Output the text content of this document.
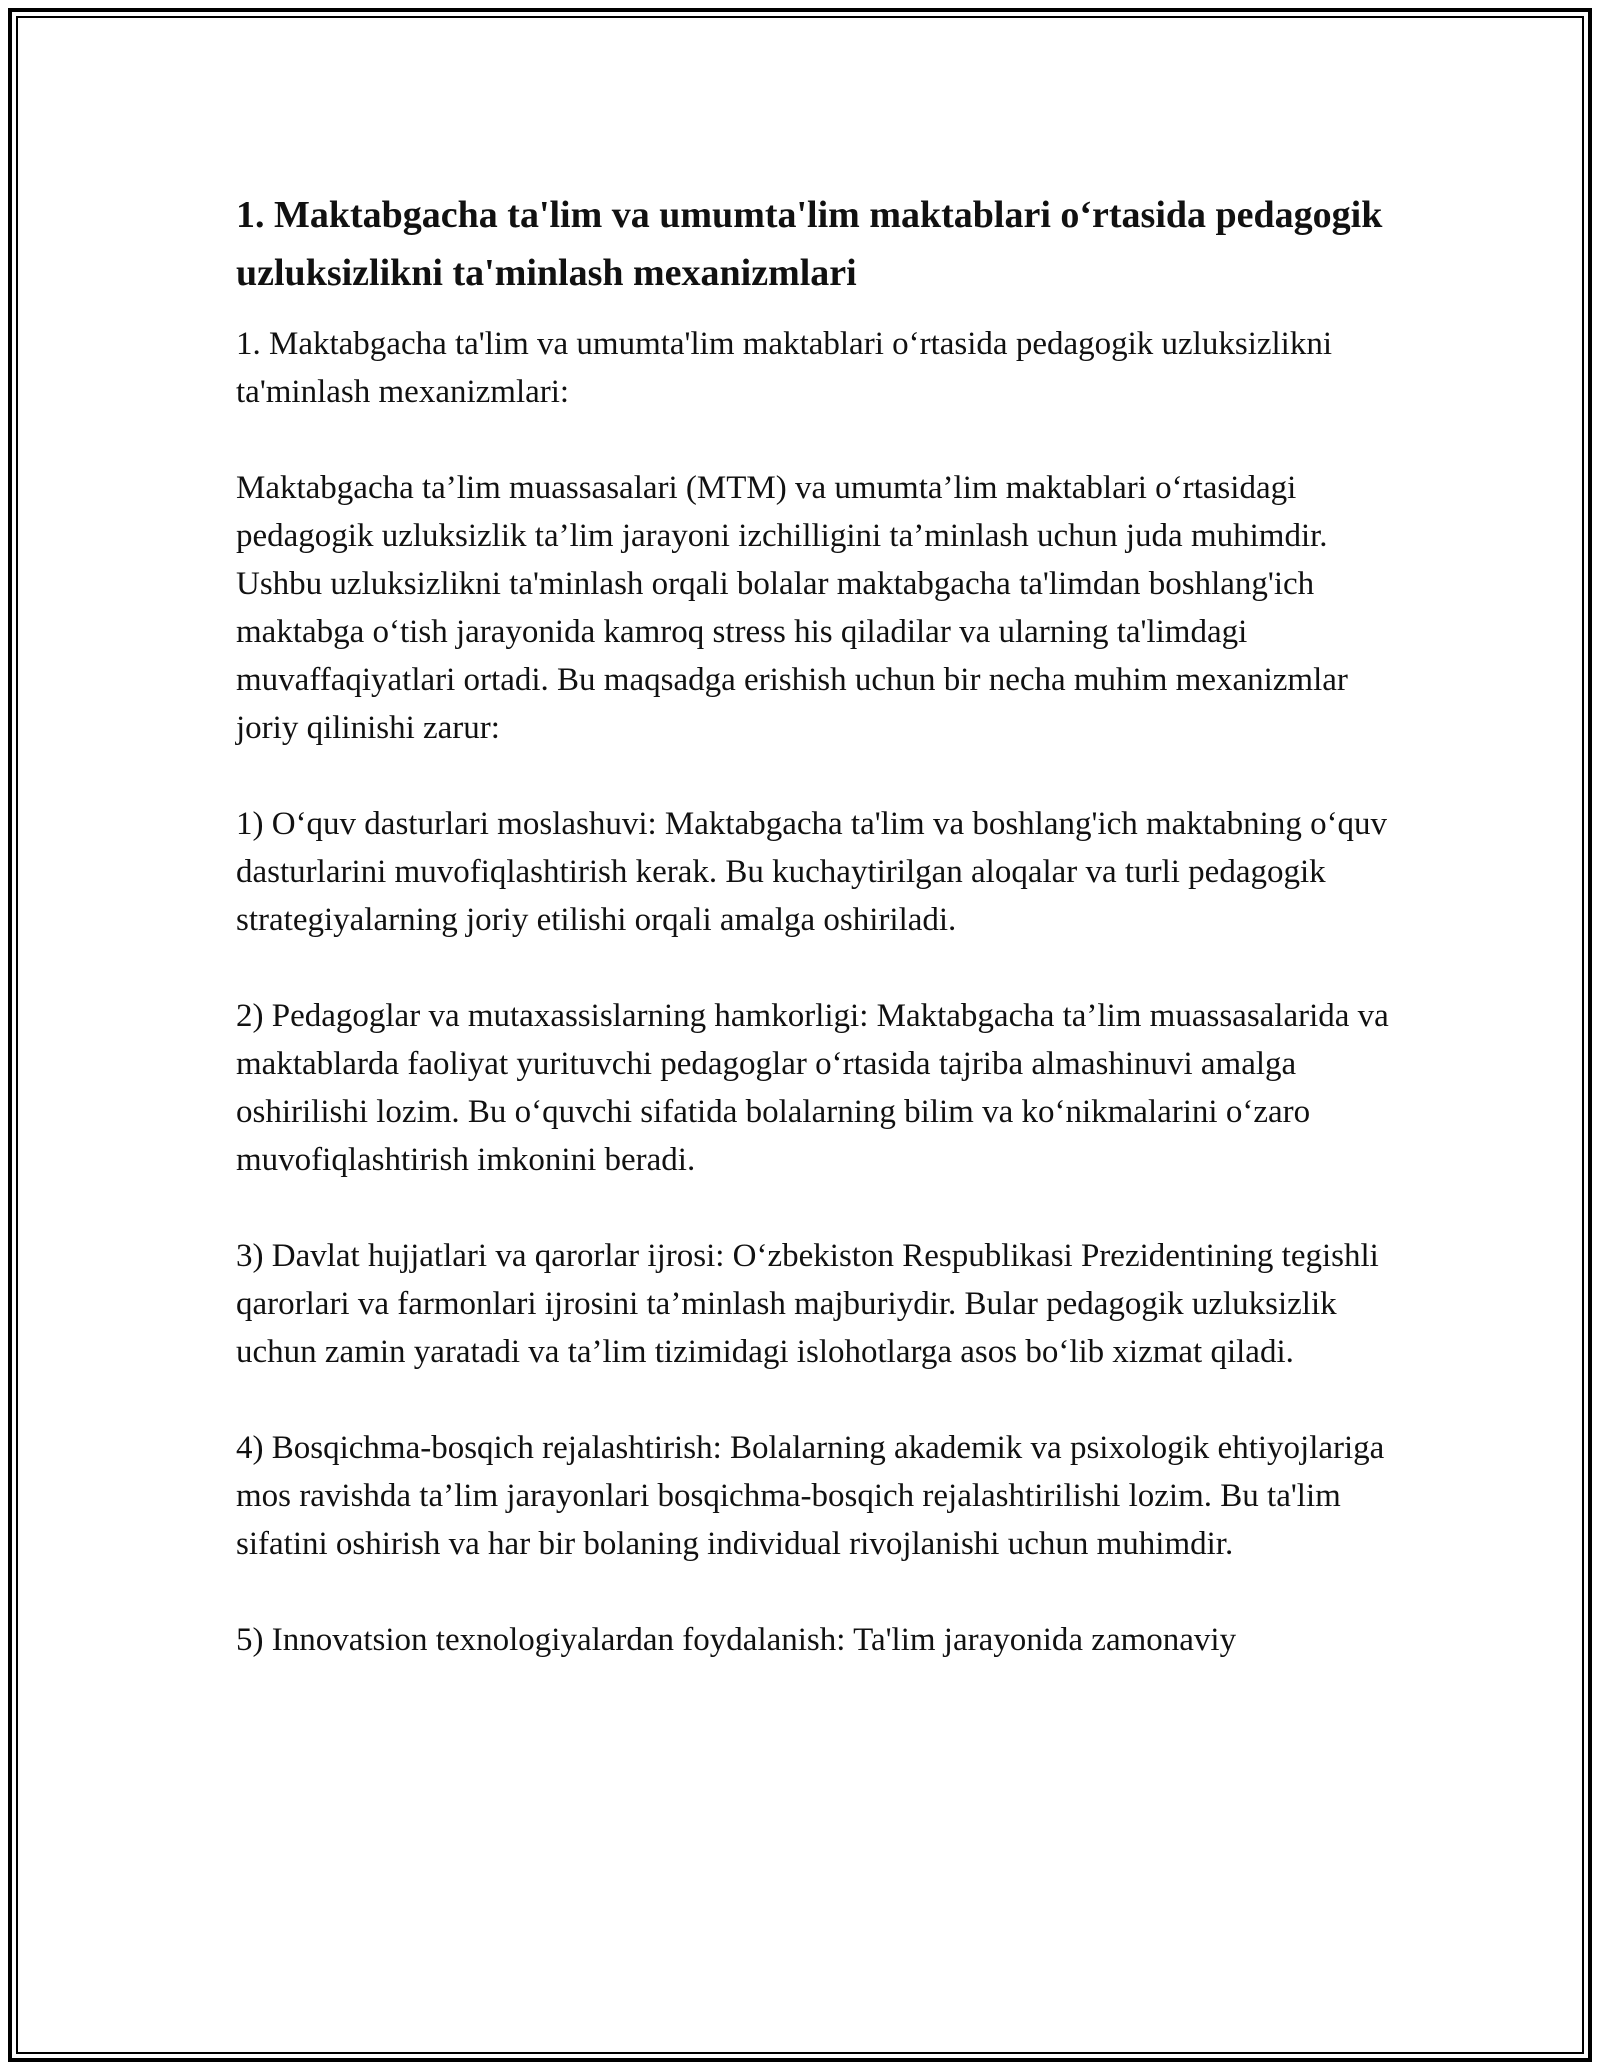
1. Maktabgacha ta'lim va umumta'lim maktablari oʻrtasida pedagogik uzluksizlikni ta'minlash mexanizmlari

1. Maktabgacha ta'lim va umumta'lim maktablari oʻrtasida pedagogik uzluksizlikni ta'minlash mexanizmlari:

Maktabgacha ta’lim muassasalari (MTM) va umumta’lim maktablari oʻrtasidagi pedagogik uzluksizlik ta’lim jarayoni izchilligini ta’minlash uchun juda muhimdir. Ushbu uzluksizlikni ta'minlash orqali bolalar maktabgacha ta'limdan boshlang'ich maktabga oʻtish jarayonida kamroq stress his qiladilar va ularning ta'limdagi muvaffaqiyatlari ortadi. Bu maqsadga erishish uchun bir necha muhim mexanizmlar joriy qilinishi zarur:

1) Oʻquv dasturlari moslashuvi: Maktabgacha ta'lim va boshlang'ich maktabning oʻquv dasturlarini muvofiqlashtirish kerak. Bu kuchaytirilgan aloqalar va turli pedagogik strategiyalarning joriy etilishi orqali amalga oshiriladi.

2) Pedagoglar va mutaxassislarning hamkorligi: Maktabgacha ta’lim muassasalarida va maktablarda faoliyat yurituvchi pedagoglar oʻrtasida tajriba almashinuvi amalga oshirilishi lozim. Bu oʻquvchi sifatida bolalarning bilim va koʻnikmalarini oʻzaro muvofiqlashtirish imkonini beradi.

3) Davlat hujjatlari va qarorlar ijrosi: Oʻzbekiston Respublikasi Prezidentining tegishli qarorlari va farmonlari ijrosini ta’minlash majburiydir. Bular pedagogik uzluksizlik uchun zamin yaratadi va ta’lim tizimidagi islohotlarga asos boʻlib xizmat qiladi.

4) Bosqichma-bosqich rejalashtirish: Bolalarning akademik va psixologik ehtiyojlariga mos ravishda ta’lim jarayonlari bosqichma-bosqich rejalashtirilishi lozim. Bu ta'lim sifatini oshirish va har bir bolaning individual rivojlanishi uchun muhimdir.

5) Innovatsion texnologiyalardan foydalanish: Ta'lim jarayonida zamonaviy
